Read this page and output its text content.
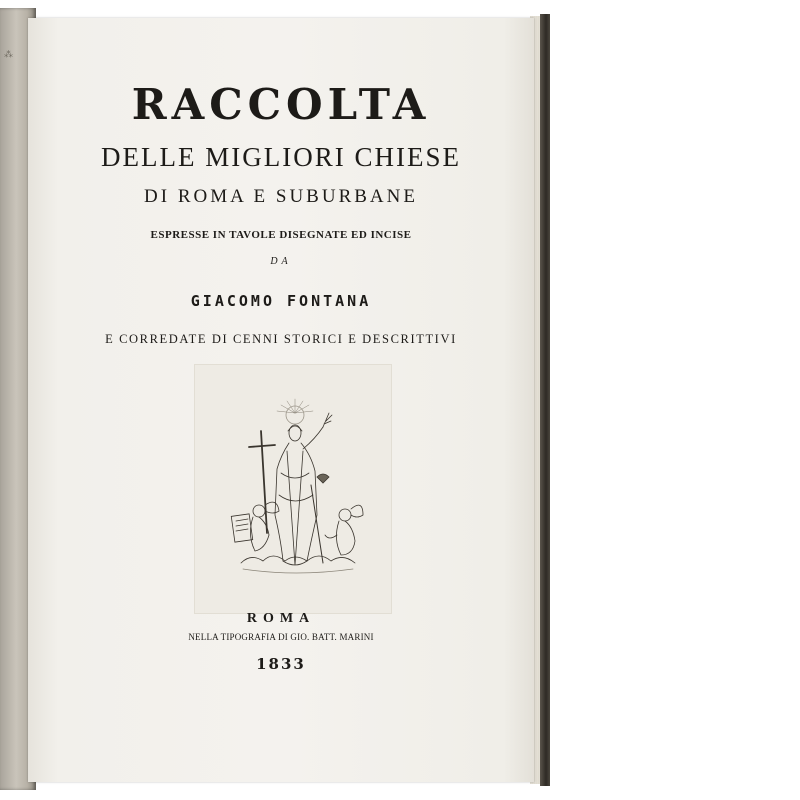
⁂
RACCOLTA
DELLE MIGLIORI CHIESE
DI ROMA E SUBURBANE
ESPRESSE IN TAVOLE DISEGNATE ED INCISE
DA
GIACOMO FONTANA
E CORREDATE DI CENNI STORICI E DESCRITTIVI
ROMA
NELLA TIPOGRAFIA DI GIO. BATT. MARINI
1833
